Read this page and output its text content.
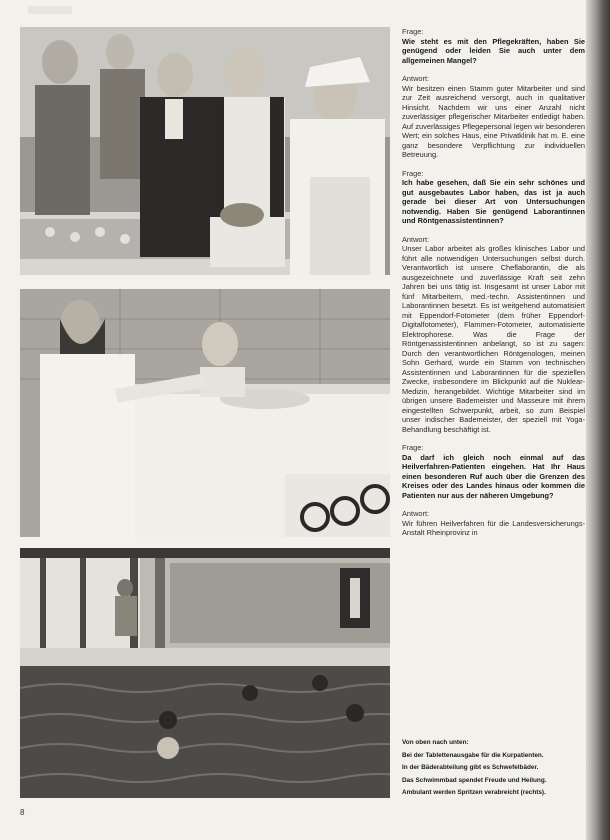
Frage:

Wie steht es mit den Pflegekräften, haben Sie genügend oder leiden Sie auch unter dem allgemeinen Mangel?

Antwort:

Wir besitzen einen Stamm guter Mitarbeiter und sind zur Zeit ausreichend versorgt, auch in qualitativer Hinsicht. Nachdem wir uns einer Anzahl nicht zuverlässiger pflegerischer Mitarbeiter entledigt haben. Auf zuverlässiges Pflegepersonal legen wir besonderen Wert; ein solches Haus, eine Privatklinik hat m. E. eine ganz besondere Verpflichtung zur individuellen Betreuung.

Frage:

Ich habe gesehen, daß Sie ein sehr schönes und gut ausgebautes Labor haben, das ist ja auch gerade bei dieser Art von Untersuchungen notwendig. Haben Sie genügend Laborantinnen und Röntgenassistentinnen?

Antwort:

Unser Labor arbeitet als großes klinisches Labor und führt alle notwendigen Untersuchungen selbst durch. Verantwortlich ist unsere Cheflaborantin, die als ausgezeichnete und zuverlässige Kraft seit zehn Jahren bei uns tätig ist. Insgesamt ist unser Labor mit fünf Mitarbeitern, med.-techn. Assistentinnen und Laborantinnen besetzt. Es ist weitgehend automatisiert mit Eppendorf-Fotometer (dem früher Eppendorf-Digitalfotometer), Flammen-Fotometer, automatisierte Elektrophorese. Was die Frage der Röntgenassistentinnen anbelangt, so ist zu sagen: Durch den verantwortlichen Röntgenologen, meinen Sohn Gerhard, wurde ein Stamm von technischen Assistentinnen und Laborantinnen für die speziellen Zwecke, insbesondere im Blickpunkt auf die Nuklear-Medizin, herangebildet. Wichtige Mitarbeiter sind im übrigen unsere Bademeister und Masseure mit ihrem eingestellten Schwerpunkt, arbeit, so zum Beispiel unser indischer Bademeister, der speziell mit Yoga-Behandlung beschäftigt ist.

Frage:

Da darf ich gleich noch einmal auf das Heilverfahren-Patienten eingehen. Hat Ihr Haus einen besonderen Ruf auch über die Grenzen des Kreises oder des Landes hinaus oder kommen die Patienten nur aus der näheren Umgebung?

Antwort:

Wir führen Heilverfahren für die Landesversicherungs-Anstalt Rheinprovinz in

Von oben nach unten:

Bei der Tablettenausgabe für die Kurpatienten.

In der Bäderabteilung gibt es Schwefelbäder.

Das Schwimmbad spendet Freude und Heilung.

Ambulant werden Spritzen verabreicht (rechts).

8
